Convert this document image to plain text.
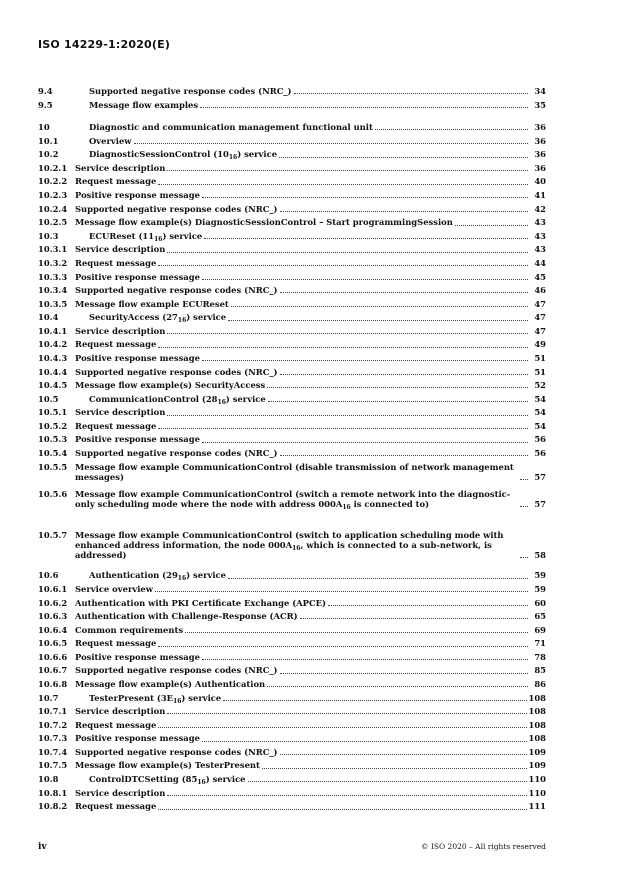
ISO 14229-1:2020(E)
9.4	Supported negative response codes (NRC_)	34
9.5	Message flow examples	35
10	Diagnostic and communication management functional unit	36
10.1	Overview	36
10.2	DiagnosticSessionControl $(10_{16})$ service	36
10.2.1 Service description	36
10.2.2 Request message	40
10.2.3 Positive response message	41
10.2.4 Supported negative response codes (NRC_)	42
10.2.5 Message flow example(s) DiagnosticSessionControl – Start programmingSession	43
10.3	ECUReset $(11_{16})$ service	43
10.3.1 Service description	43
10.3.2 Request message	44
10.3.3 Positive response message	45
10.3.4 Supported negative response codes (NRC_)	46
10.3.5 Message flow example ECUReset	47
10.4	SecurityAccess $(27_{16})$ service	47
10.4.1 Service description	47
10.4.2 Request message	49
10.4.3 Positive response message	51
10.4.4 Supported negative response codes (NRC_)	51
10.4.5 Message flow example(s) SecurityAccess	52
10.5	CommunicationControl $(28_{16})$ service	54
10.5.1 Service description	54
10.5.2 Request message	54
10.5.3 Positive response message	56
10.5.4 Supported negative response codes (NRC_)	56
10.5.5 Message flow example CommunicationControl (disable transmission of network management messages)	57
10.5.6 Message flow example CommunicationControl (switch a remote network into the diagnostic-only scheduling mode where the node with address $000A_{16}$ is connected to)	57
10.5.7 Message flow example CommunicationControl (switch to application scheduling mode with enhanced address information, the node $000A_{16}$, which is connected to a sub-network, is addressed)	58
10.6	Authentication $(29_{16})$ service	59
10.6.1 Service overview	59
10.6.2 Authentication with PKI Certificate Exchange (APCE)	60
10.6.3 Authentication with Challenge-Response (ACR)	65
10.6.4 Common requirements	69
10.6.5 Request message	71
10.6.6 Positive response message	78
10.6.7 Supported negative response codes (NRC_)	85
10.6.8 Message flow example(s) Authentication	86
10.7	TesterPresent $(3E_{16})$ service	108
10.7.1 Service description	108
10.7.2 Request message	108
10.7.3 Positive response message	108
10.7.4 Supported negative response codes (NRC_)	109
10.7.5 Message flow example(s) TesterPresent	109
10.8	ControlDTCSetting $(85_{16})$ service	110
10.8.1 Service description	110
10.8.2 Request message	111
iv	© ISO 2020 – All rights reserved
